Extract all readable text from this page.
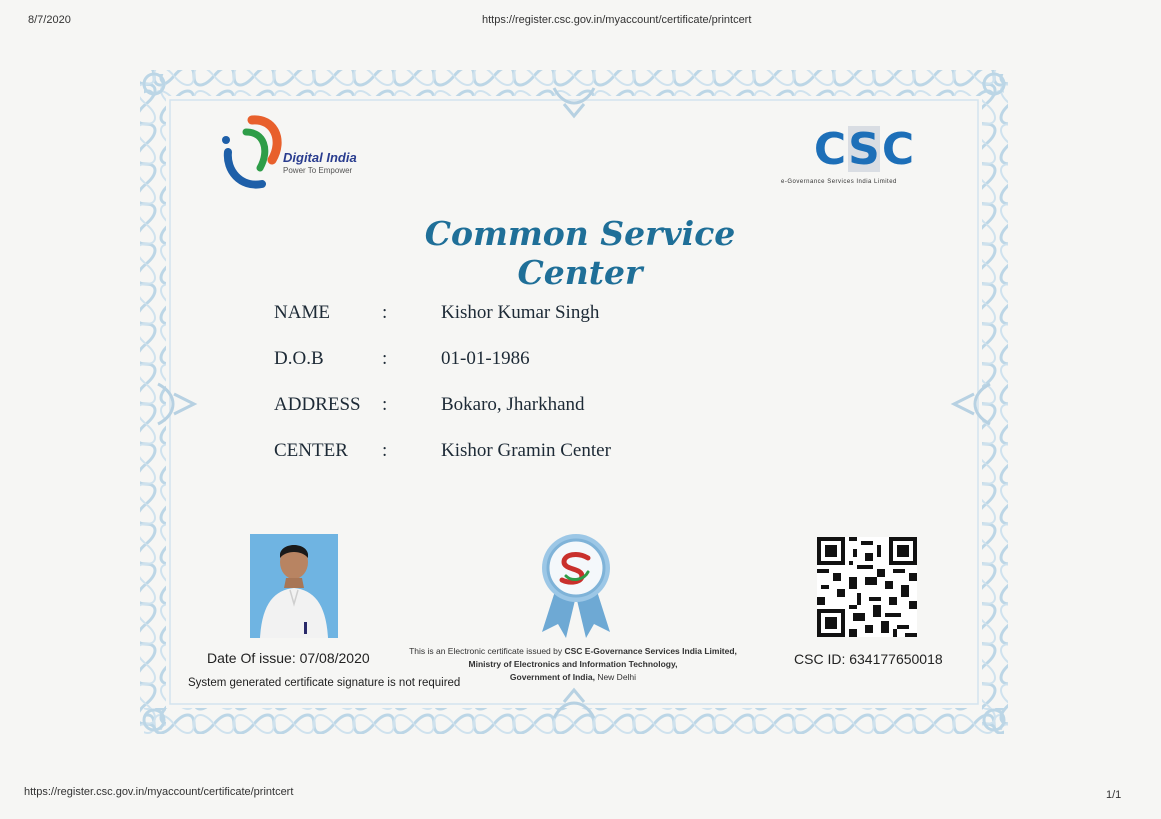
8/7/2020	https://register.csc.gov.in/myaccount/certificate/printcert
https://register.csc.gov.in/myaccount/certificate/printcert	1/1
Digital India
Power To Empower	C S C
e-Governance Services India Limited
Common Service Center
NAME	:	Kishor Kumar Singh
D.O.B	:	01-01-1986
ADDRESS :	Bokaro, Jharkhand
CENTER :	Kishor Gramin Center
Date Of issue: 07/08/2020
System generated certificate signature is not required
This is an Electronic certificate issued by CSC E-Governance Services India Limited,
Ministry of Electronics and Information Technology,
Government of India, New Delhi
CSC ID: 634177650018
